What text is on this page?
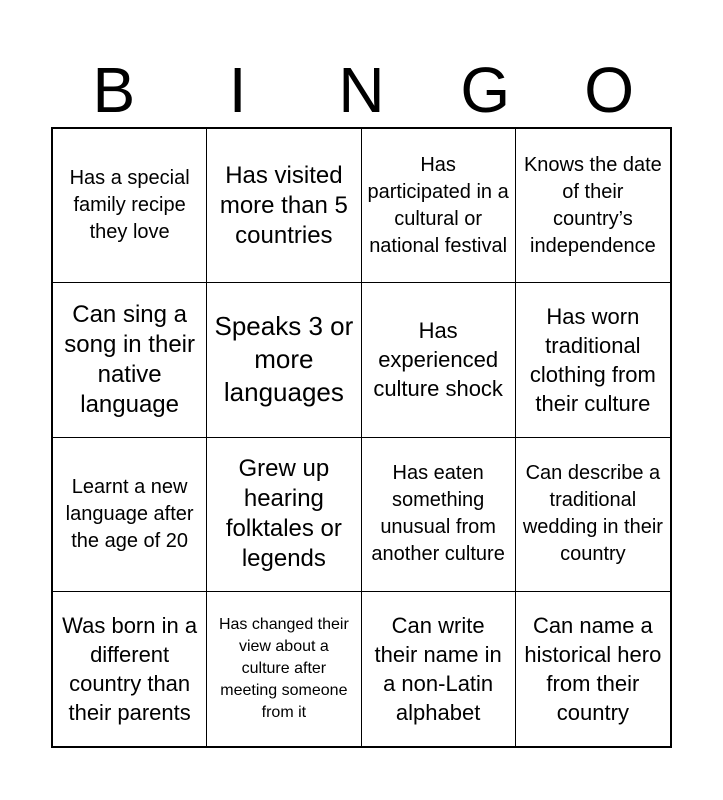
B	I	N	G	O
Has a special family recipe they love
Has visited more than 5 countries
Has participated in a cultural or national festival
Knows the date of their country’s independence
Can sing a song in their native language
Speaks 3 or more languages
Has experienced culture shock
Has worn traditional clothing from their culture
Learnt a new language after the age of 20
Grew up hearing folktales or legends
Has eaten something unusual from another culture
Can describe a traditional wedding in their country
Was born in a different country than their parents
Has changed their view about a culture after meeting someone from it
Can write their name in a non-Latin alphabet
Can name a historical hero from their country
